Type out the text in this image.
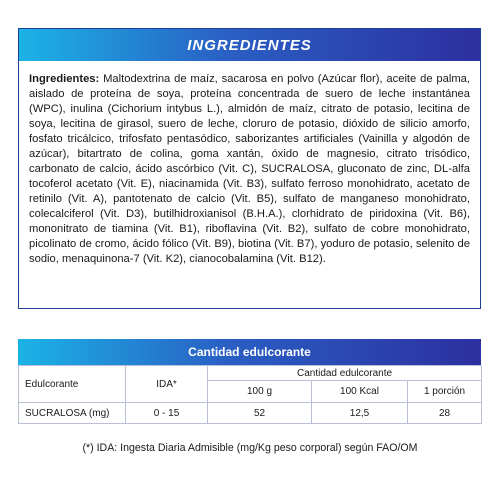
INGREDIENTES
Ingredientes: Maltodextrina de maíz, sacarosa en polvo (Azúcar flor), aceite de palma, aislado de proteína de soya, proteína concentrada de suero de leche instantánea (WPC), inulina (Cichorium intybus L.), almidón de maíz, citrato de potasio, lecitina de soya, lecitina de girasol, suero de leche, cloruro de potasio, dióxido de silicio amorfo, fosfato tricálcico, trifosfato pentasódico, saborizantes artificiales (Vainilla y algodón de azúcar), bitartrato de colina, goma xantán, óxido de magnesio, citrato trisódico, carbonato de calcio, ácido ascórbico (Vit. C), SUCRALOSA, gluconato de zinc, DL-alfa tocoferol acetato (Vit. E), niacinamida (Vit. B3), sulfato ferroso monohidrato, acetato de retinilo (Vit. A), pantotenato de calcio (Vit. B5), sulfato de manganeso monohidrato, colecalciferol (Vit. D3), butilhidroxianisol (B.H.A.), clorhidrato de piridoxina (Vit. B6), mononitrato de tiamina (Vit. B1), riboflavina (Vit. B2), sulfato de cobre monohidrato, picolinato de cromo, ácido fólico (Vit. B9), biotina (Vit. B7), yoduro de potasio, selenito de sodio, menaquinona-7 (Vit. K2), cianocobalamina (Vit. B12).
Cantidad edulcorante
Edulcorante	IDA*	Cantidad edulcorante		
		100 g	100 Kcal	1 porción
SUCRALOSA (mg)	0 - 15	52	12,5	28
(*) IDA: Ingesta Diaria Admisible (mg/Kg peso corporal) según FAO/OM
